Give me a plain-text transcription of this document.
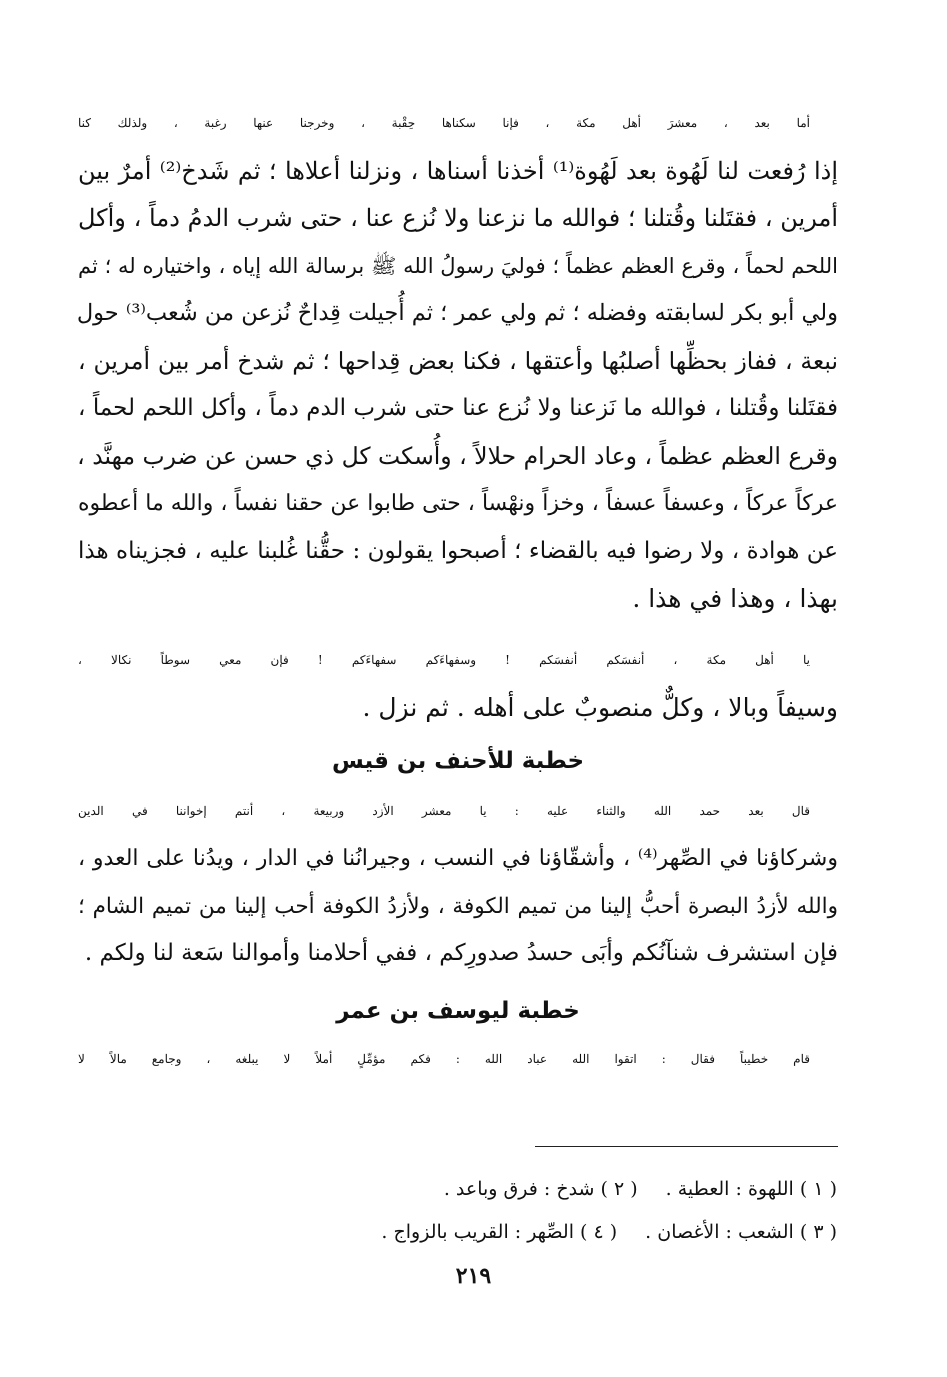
أما بعد ، معشرَ أهل مكة ، فإنا سكناها حِقْبة ، وخرجنا عنها رغبة ، ولذلك كنا
إذا رُفعت لنا لَهُوة بعد لَهُوة⁽¹⁾ أخذنا أسناها ، ونزلنا أعلاها ؛ ثم شَدخ⁽²⁾ أمرٌ بين
أمرين ، فقتَلنا وقُتلنا ؛ فوالله ما نزعنا ولا نُزع عنا ، حتى شرب الدمُ دماً ، وأكل
اللحم لحماً ، وقرع العظم عظماً ؛ فوليَ رسولُ الله ﷺ برسالة الله إياه ، واختياره له ؛ ثم
ولي أبو بكر لسابقته وفضله ؛ ثم ولي عمر ؛ ثم أُجيلت قِداحٌ نُزعن من شُعب⁽³⁾ حول
نبعة ، ففاز بحظِّها أصلبُها وأعتقها ، فكنا بعض قِداحها ؛ ثم شدخ أمر بين أمرين ،
فقتَلنا وقُتلنا ، فوالله ما نَزعنا ولا نُزع عنا حتى شرب الدم دماً ، وأكل اللحم لحماً ،
وقرع العظم عظماً ، وعاد الحرام حلالاً ، وأُسكت كل ذي حسن عن ضرب مهنَّد ،
عركاً عركاً ، وعسفاً عسفاً ، وخزاً ونهْساً ، حتى طابوا عن حقنا نفساً ، والله ما أعطوه
عن هوادة ، ولا رضوا فيه بالقضاء ؛ أصبحوا يقولون : حقُّنا غُلبنا عليه ، فجزيناه هذا
بهذا ، وهذا في هذا .
يا أهل مكة ، أنفسَكم أنفسَكم ! وسفهاءَكم سفهاءَكم ! فإن معي سوطاً نكالا ،
وسيفاً وبالا ، وكلٌّ منصوبٌ على أهله . ثم نزل .
خطبة للأحنف بن قيس
قال بعد حمد الله والثناء عليه : يا معشر الأزد وربيعة ، أنتم إخواننا في الدين
وشركاؤنا في الصِّهر⁽⁴⁾ ، وأشقّاؤنا في النسب ، وجيرانُنا في الدار ، ويدُنا على العدو ،
والله لأزدُ البصرة أحبُّ إلينا من تميم الكوفة ، ولأزدُ الكوفة أحب إلينا من تميم الشام ؛
فإن استشرف شنآنُكم وأبَى حسدُ صدورِكم ، ففي أحلامنا وأموالنا سَعة لنا ولكم .
خطبة ليوسف بن عمر
قام خطيباً فقال : اتقوا الله عباد الله : فكم مؤمِّلٍ أملاً لا يبلغه ، وجامع مالاً لا
( ١ ) اللهوة : العطية .
( ٢ ) شدخ : فرق وباعد .
( ٣ ) الشعب : الأغصان .
( ٤ ) الصِّهر : القريب بالزواج .
٢١٩
